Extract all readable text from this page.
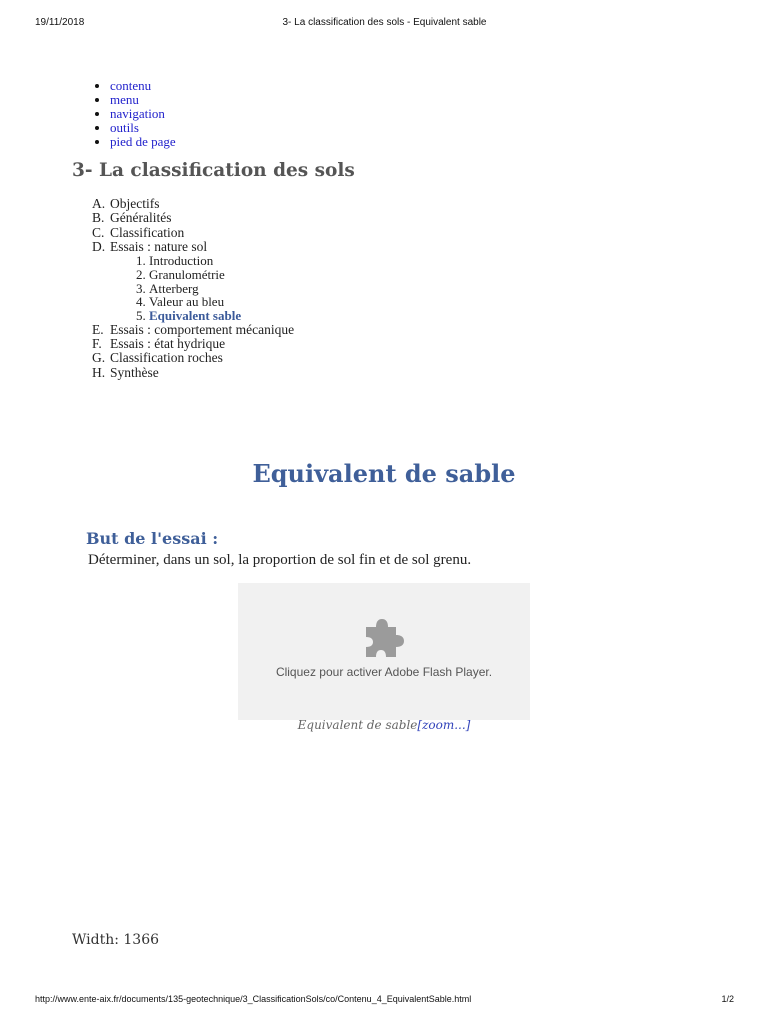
19/11/2018	3- La classification des sols - Equivalent sable
• contenu
• menu
• navigation
• outils
• pied de page
3- La classification des sols
A. Objectifs
B. Généralités
C. Classification
D. Essais : nature sol
1. Introduction
2. Granulométrie
3. Atterberg
4. Valeur au bleu
5. Equivalent sable
E. Essais : comportement mécanique
F. Essais : état hydrique
G. Classification roches
H. Synthèse
Equivalent de sable
But de l'essai :

Déterminer, dans un sol, la proportion de sol fin et de sol grenu.

Cliquez pour activer Adobe Flash Player.
Equivalent de sable[zoom...]
Width: 1366
http://www.ente-aix.fr/documents/135-geotechnique/3_ClassificationSols/co/Contenu_4_EquivalentSable.html	1/2
